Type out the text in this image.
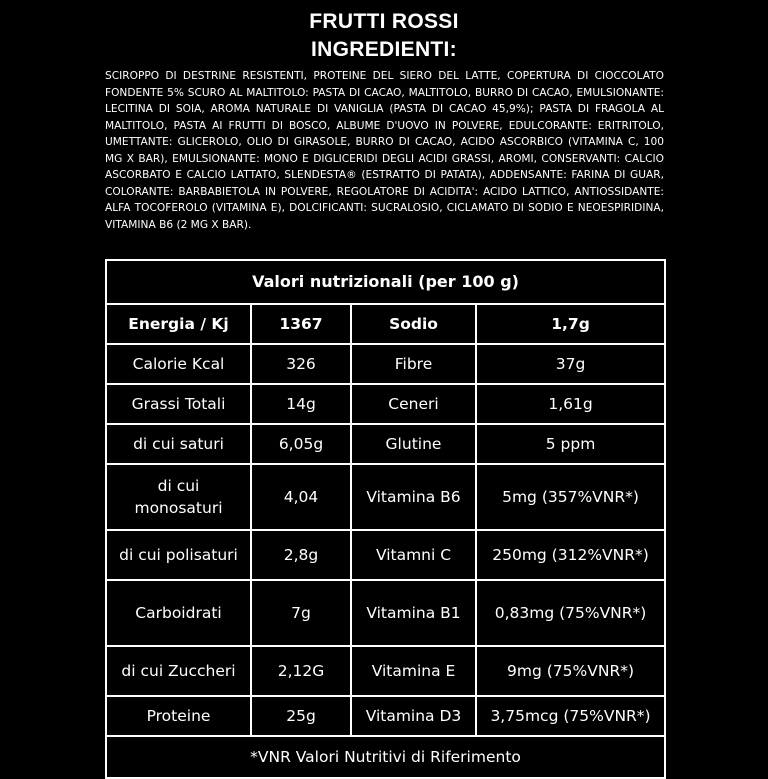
FRUTTI ROSSI
INGREDIENTI:
SCIROPPO DI DESTRINE RESISTENTI, PROTEINE DEL SIERO DEL LATTE, COPERTURA DI CIOCCOLATO FONDENTE 5% SCURO AL MALTITOLO: PASTA DI CACAO, MALTITOLO, BURRO DI CACAO, EMULSIONANTE: LECITINA DI SOIA, AROMA NATURALE DI VANIGLIA (PASTA DI CACAO 45,9%); PASTA DI FRAGOLA AL MALTITOLO, PASTA AI FRUTTI DI BOSCO, ALBUME D'UOVO IN POLVERE, EDULCORANTE: ERITRITOLO, UMETTANTE: GLICEROLO, OLIO DI GIRASOLE, BURRO DI CACAO, ACIDO ASCORBICO (VITAMINA C, 100 MG X BAR), EMULSIONANTE: MONO E DIGLICERIDI DEGLI ACIDI GRASSI, AROMI, CONSERVANTI: CALCIO ASCORBATO E CALCIO LATTATO, SLENDESTA® (ESTRATTO DI PATATA), ADDENSANTE: FARINA DI GUAR, COLORANTE: BARBABIETOLA IN POLVERE, REGOLATORE DI ACIDITA': ACIDO LATTICO, ANTIOSSIDANTE: ALFA TOCOFEROLO (VITAMINA E), DOLCIFICANTI: SUCRALOSIO, CICLAMATO DI SODIO E NEOESPIRIDINA, VITAMINA B6 (2 MG X BAR).
Valori nutrizionali (per 100 g)			
Energia / Kj	1367	Sodio	1,7g
Calorie Kcal	326	Fibre	37g
Grassi Totali	14g	Ceneri	1,61g
di cui saturi	6,05g	Glutine	5 ppm
di cui monosaturi	4,04	Vitamina B6	5mg (357%VNR*)
di cui polisaturi	2,8g	Vitamni C	250mg (312%VNR*)
Carboidrati	7g	Vitamina B1	0,83mg (75%VNR*)
di cui Zuccheri	2,12G	Vitamina E	9mg (75%VNR*)
Proteine	25g	Vitamina D3	3,75mcg (75%VNR*)
*VNR Valori Nutritivi di Riferimento			
